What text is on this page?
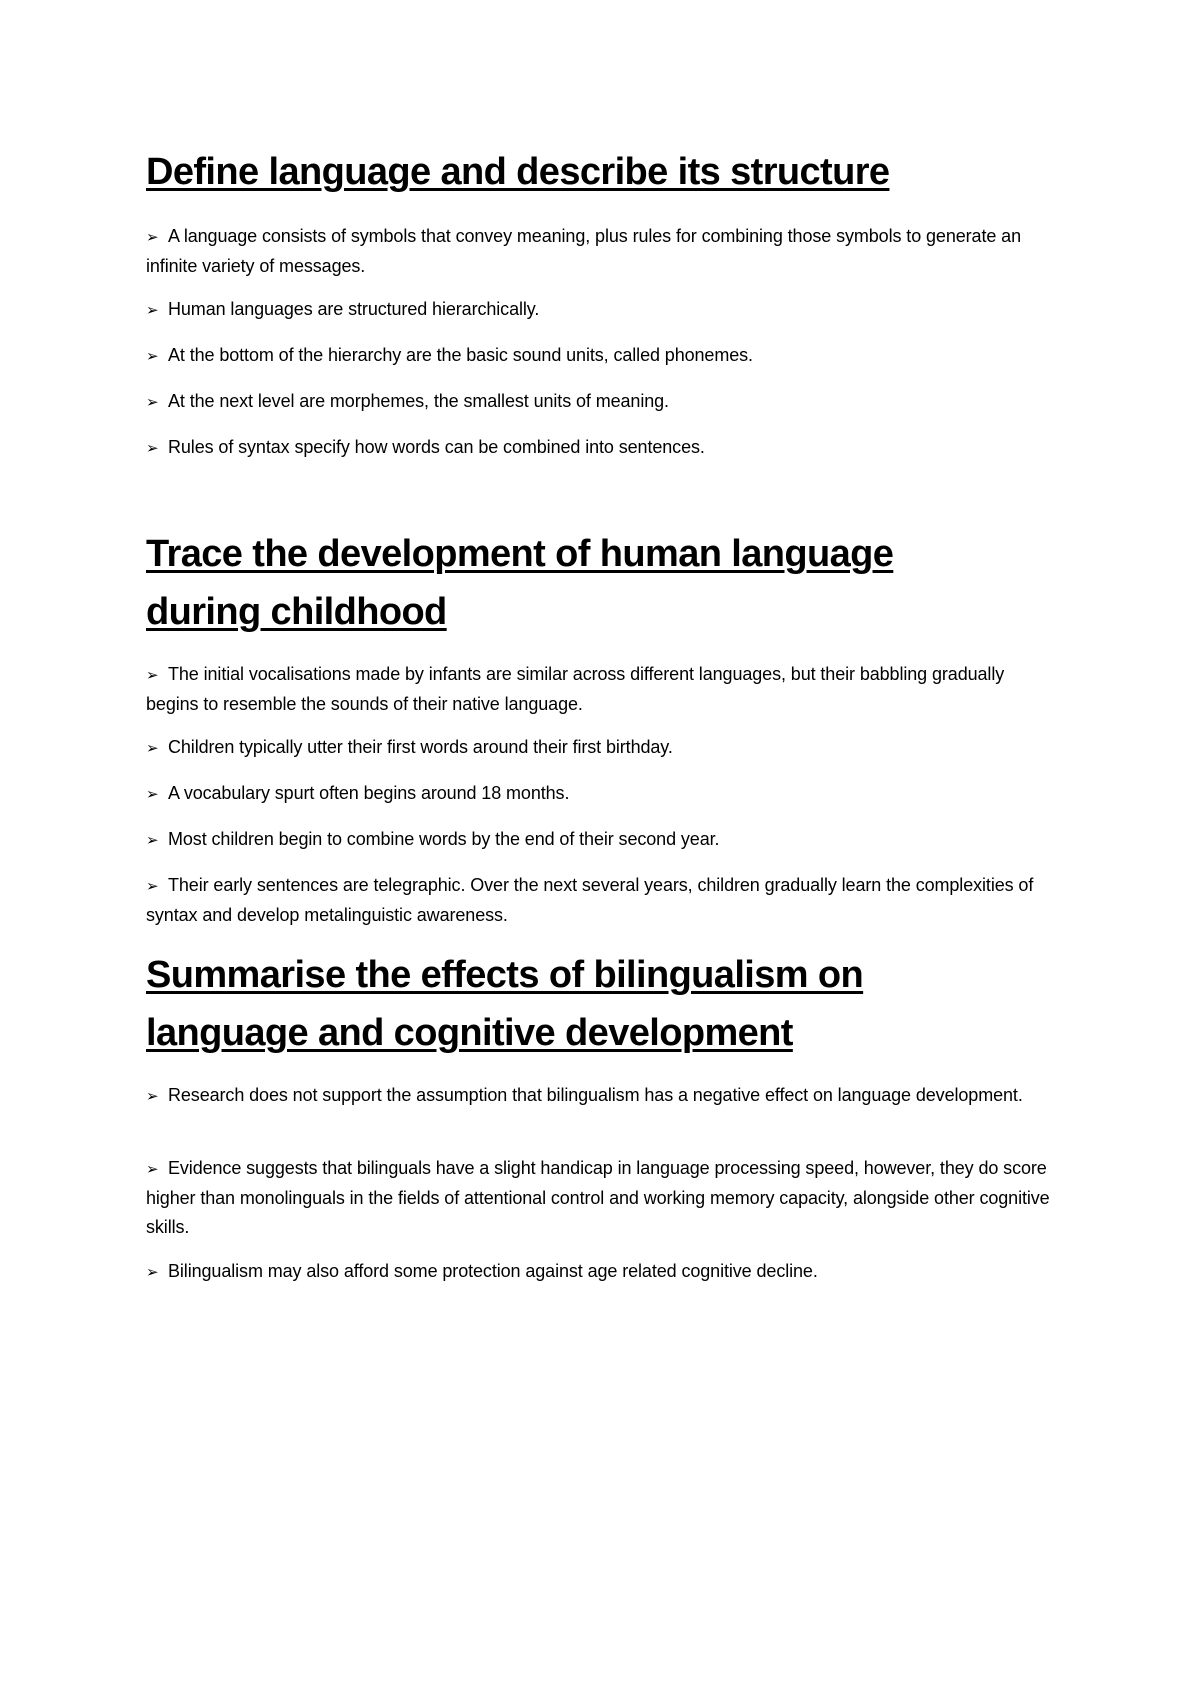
Define language and describe its structure

➢ A language consists of symbols that convey meaning, plus rules for combining those symbols to generate an infinite variety of messages.

➢ Human languages are structured hierarchically.

➢ At the bottom of the hierarchy are the basic sound units, called phonemes.

➢ At the next level are morphemes, the smallest units of meaning.

➢ Rules of syntax specify how words can be combined into sentences.

Trace the development of human language during childhood

➢ The initial vocalisations made by infants are similar across different languages, but their babbling gradually begins to resemble the sounds of their native language.

➢ Children typically utter their first words around their first birthday.

➢ A vocabulary spurt often begins around 18 months.

➢ Most children begin to combine words by the end of their second year.

➢ Their early sentences are telegraphic. Over the next several years, children gradually learn the complexities of syntax and develop metalinguistic awareness.

Summarise the effects of bilingualism on language and cognitive development

➢ Research does not support the assumption that bilingualism has a negative effect on language development.

➢ Evidence suggests that bilinguals have a slight handicap in language processing speed, however, they do score higher than monolinguals in the fields of attentional control and working memory capacity, alongside other cognitive skills.

➢ Bilingualism may also afford some protection against age related cognitive decline.
